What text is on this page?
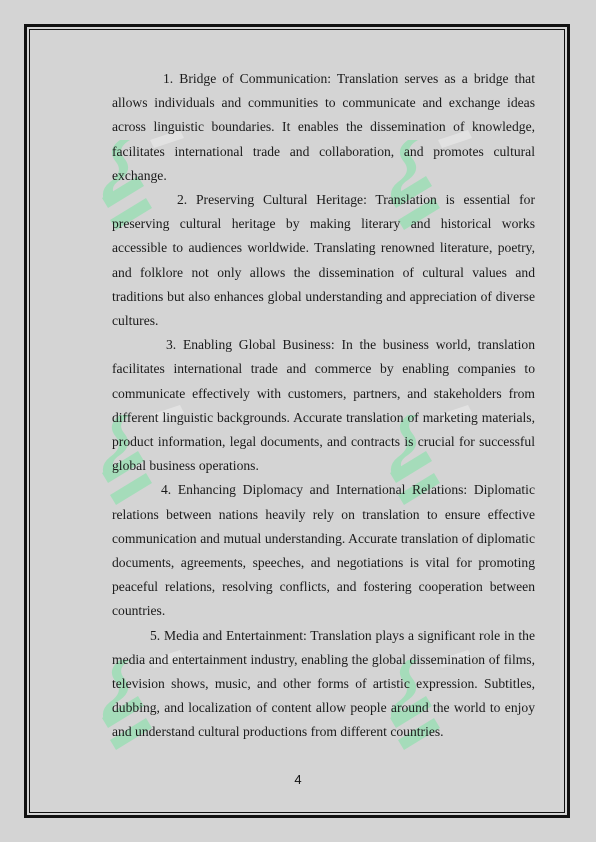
1. Bridge of Communication: Translation serves as a bridge that allows individuals and communities to communicate and exchange ideas across linguistic boundaries. It enables the dissemination of knowledge, facilitates international trade and collaboration, and promotes cultural exchange.

2. Preserving Cultural Heritage: Translation is essential for preserving cultural heritage by making literary and historical works accessible to audiences worldwide. Translating renowned literature, poetry, and folklore not only allows the dissemination of cultural values and traditions but also enhances global understanding and appreciation of diverse cultures.

3. Enabling Global Business: In the business world, translation facilitates international trade and commerce by enabling companies to communicate effectively with customers, partners, and stakeholders from different linguistic backgrounds. Accurate translation of marketing materials, product information, legal documents, and contracts is crucial for successful global business operations.

4. Enhancing Diplomacy and International Relations: Diplomatic relations between nations heavily rely on translation to ensure effective communication and mutual understanding. Accurate translation of diplomatic documents, agreements, speeches, and negotiations is vital for promoting peaceful relations, resolving conflicts, and fostering cooperation between countries.

5. Media and Entertainment: Translation plays a significant role in the media and entertainment industry, enabling the global dissemination of films, television shows, music, and other forms of artistic expression. Subtitles, dubbing, and localization of content allow people around the world to enjoy and understand cultural productions from different countries.

4
